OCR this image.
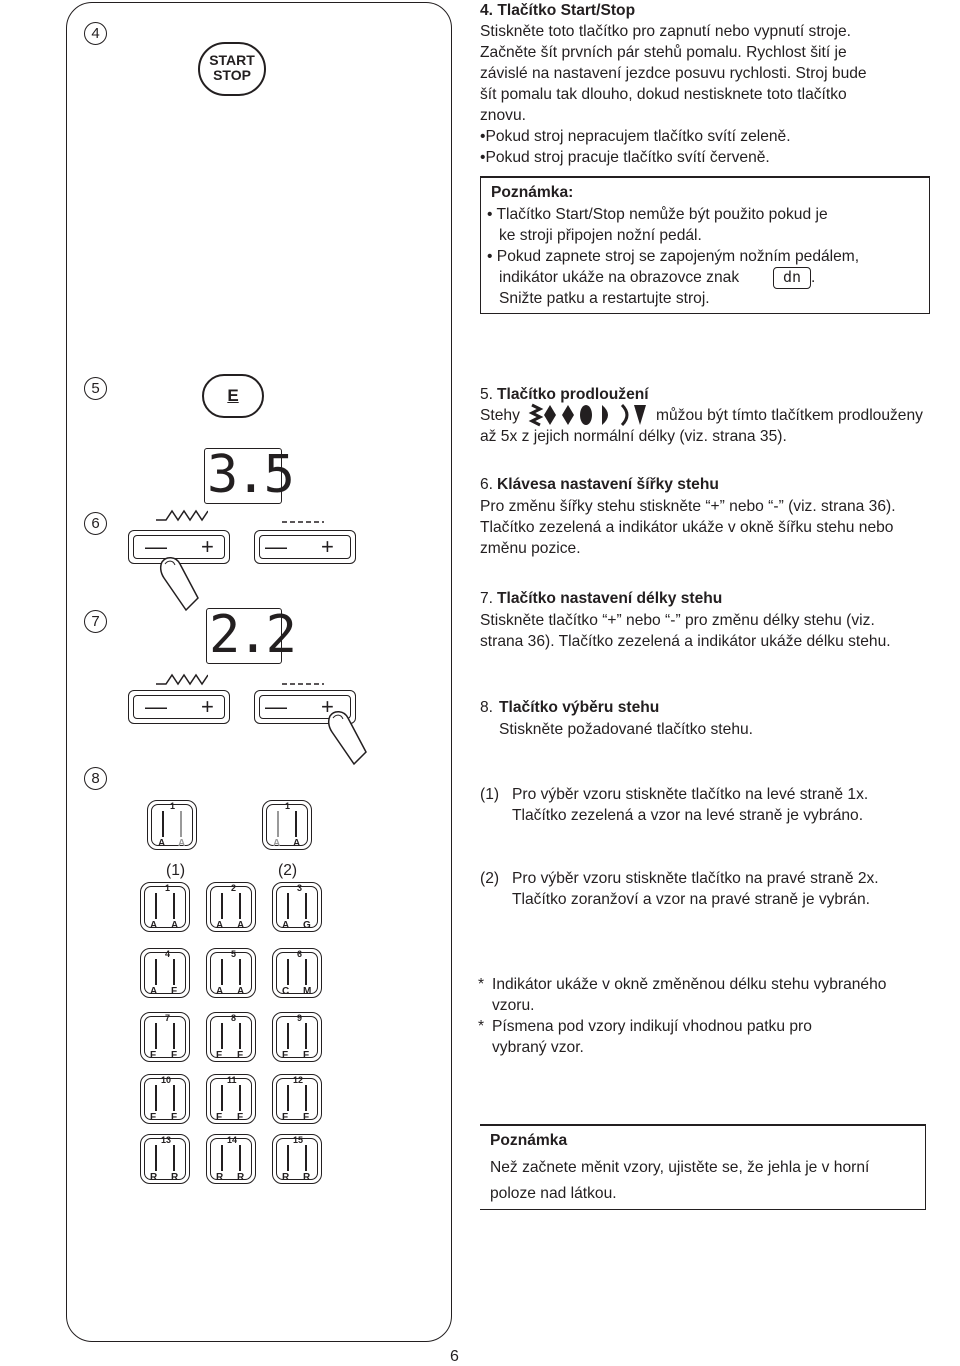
4
5
6
7
8
START
STOP
E
3.5
— + — +
2.2
— + — +
1
A A
1
A A
(1)	(2)
1
A A
2
A A
3
A G
4
A F
5
A A
6
C M
7
F F
8
F F
9
F F
10
F F
11
F F
12
F F
13
R R
14
R R
15
R R
4. Tlačítko Start/Stop
Stiskněte toto tlačítko pro zapnutí nebo vypnutí stroje.
Začněte šít prvních pár stehů pomalu. Rychlost šití je
závislé na nastavení jezdce posuvu rychlosti. Stroj bude
šít pomalu tak dlouho, dokud nestisknete toto tlačítko
znovu.
•Pokud stroj nepracujem tlačítko svítí zeleně.
•Pokud stroj pracuje tlačítko svítí červeně.
Poznámka:
• Tlačítko Start/Stop nemůže být použito pokud je
ke stroji připojen nožní pedál.
• Pokud zapnete stroj se zapojeným nožním pedálem,
indikátor ukáže na obrazovce znak	dn .
Snižte patku a restartujte stroj.
5. Tlačítko prodloužení
Stehy	můžou být tímto tlačítkem prodlouženy
až 5x z jejich normální délky (viz. strana 35).
6. Klávesa nastavení šířky stehu
Pro změnu šířky stehu stiskněte “+” nebo “-” (viz. strana 36).
Tlačítko zezelená a indikátor ukáže v okně šířku stehu nebo
změnu pozice.
7. Tlačítko nastavení délky stehu
Stiskněte tlačítko “+” nebo “-” pro změnu délky stehu (viz.
strana 36). Tlačítko zezelená a indikátor ukáže délku stehu.
8. Tlačítko výběru stehu
Stiskněte požadované tlačítko stehu.
(1) Pro výběr vzoru stiskněte tlačítko na levé straně 1x.
Tlačítko zezelená a vzor na levé straně je vybráno.
(2) Pro výběr vzoru stiskněte tlačítko na pravé straně 2x.
Tlačítko zoranžoví a vzor na pravé straně je vybrán.
* Indikátor ukáže v okně změněnou délku stehu vybraného
vzoru.
* Písmena pod vzory indikují vhodnou patku pro
vybraný vzor.
Poznámka
Než začnete měnit vzory, ujistěte se, že jehla je v horní
poloze nad látkou.
6
